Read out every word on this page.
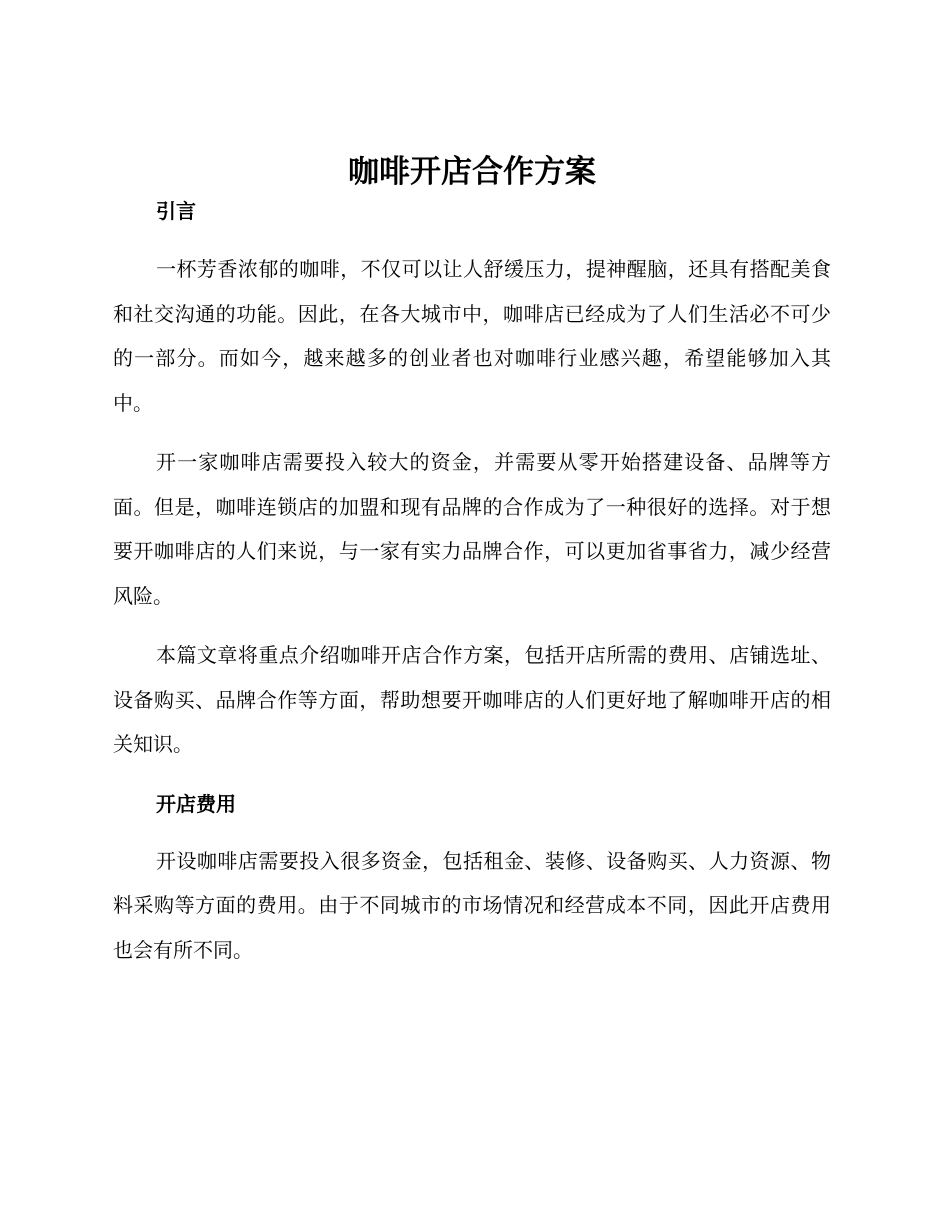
咖啡开店合作方案
引言

一杯芳香浓郁的咖啡，不仅可以让人舒缓压力，提神醒脑，还具有搭配美食和社交沟通的功能。因此，在各大城市中，咖啡店已经成为了人们生活必不可少的一部分。而如今，越来越多的创业者也对咖啡行业感兴趣，希望能够加入其中。

开一家咖啡店需要投入较大的资金，并需要从零开始搭建设备、品牌等方面。但是，咖啡连锁店的加盟和现有品牌的合作成为了一种很好的选择。对于想要开咖啡店的人们来说，与一家有实力品牌合作，可以更加省事省力，减少经营风险。

本篇文章将重点介绍咖啡开店合作方案，包括开店所需的费用、店铺选址、设备购买、品牌合作等方面，帮助想要开咖啡店的人们更好地了解咖啡开店的相关知识。

开店费用

开设咖啡店需要投入很多资金，包括租金、装修、设备购买、人力资源、物料采购等方面的费用。由于不同城市的市场情况和经营成本不同，因此开店费用也会有所不同。
